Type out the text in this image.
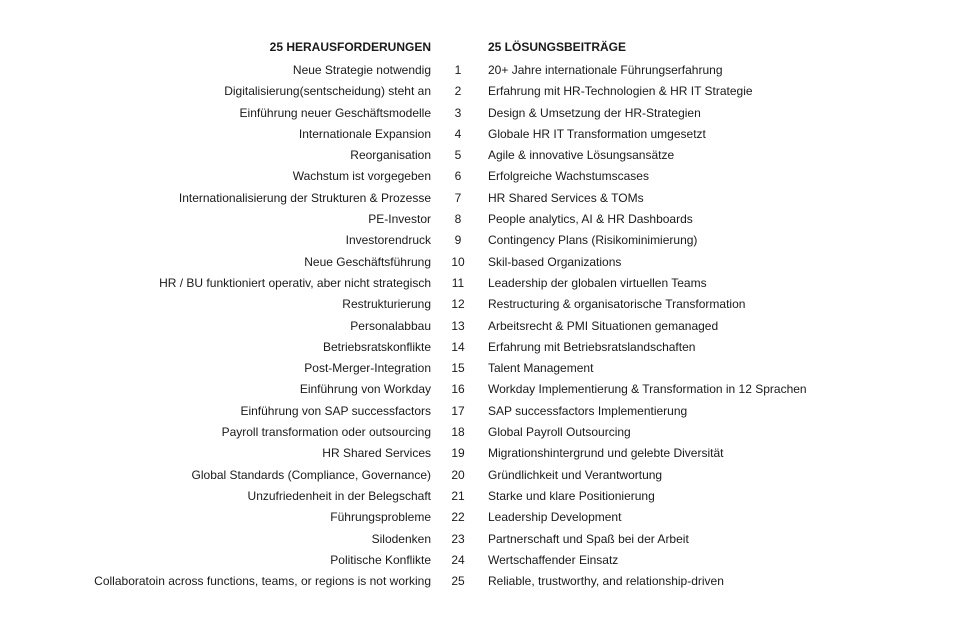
25 HERAUSFORDERUNGEN	25 LÖSUNGSBEITRÄGE
Neue Strategie notwendig	1	20+ Jahre internationale Führungserfahrung
Digitalisierung(sentscheidung) steht an	2	Erfahrung mit HR-Technologien & HR IT Strategie
Einführung neuer Geschäftsmodelle	3	Design & Umsetzung der HR-Strategien
Internationale Expansion	4	Globale HR IT Transformation umgesetzt
Reorganisation	5	Agile & innovative Lösungsansätze
Wachstum ist vorgegeben	6	Erfolgreiche Wachstumscases
Internationalisierung der Strukturen & Prozesse	7	HR Shared Services & TOMs
PE-Investor	8	People analytics, AI & HR Dashboards
Investorendruck	9	Contingency Plans (Risikominimierung)
Neue Geschäftsführung	10	Skil-based Organizations
HR / BU funktioniert operativ, aber nicht strategisch	11	Leadership der globalen virtuellen Teams
Restrukturierung	12	Restructuring & organisatorische Transformation
Personalabbau	13	Arbeitsrecht & PMI Situationen gemanaged
Betriebsratskonflikte	14	Erfahrung mit Betriebsratslandschaften
Post-Merger-Integration	15	Talent Management
Einführung von Workday	16	Workday Implementierung & Transformation in 12 Sprachen
Einführung von SAP successfactors	17	SAP successfactors Implementierung
Payroll transformation oder outsourcing	18	Global Payroll Outsourcing
HR Shared Services	19	Migrationshintergrund und gelebte Diversität
Global Standards (Compliance, Governance)	20	Gründlichkeit und Verantwortung
Unzufriedenheit in der Belegschaft	21	Starke und klare Positionierung
Führungsprobleme	22	Leadership Development
Silodenken	23	Partnerschaft und Spaß bei der Arbeit
Politische Konflikte	24	Wertschaffender Einsatz
Collaboratoin across functions, teams, or regions is not working	25	Reliable, trustworthy, and relationship-driven
